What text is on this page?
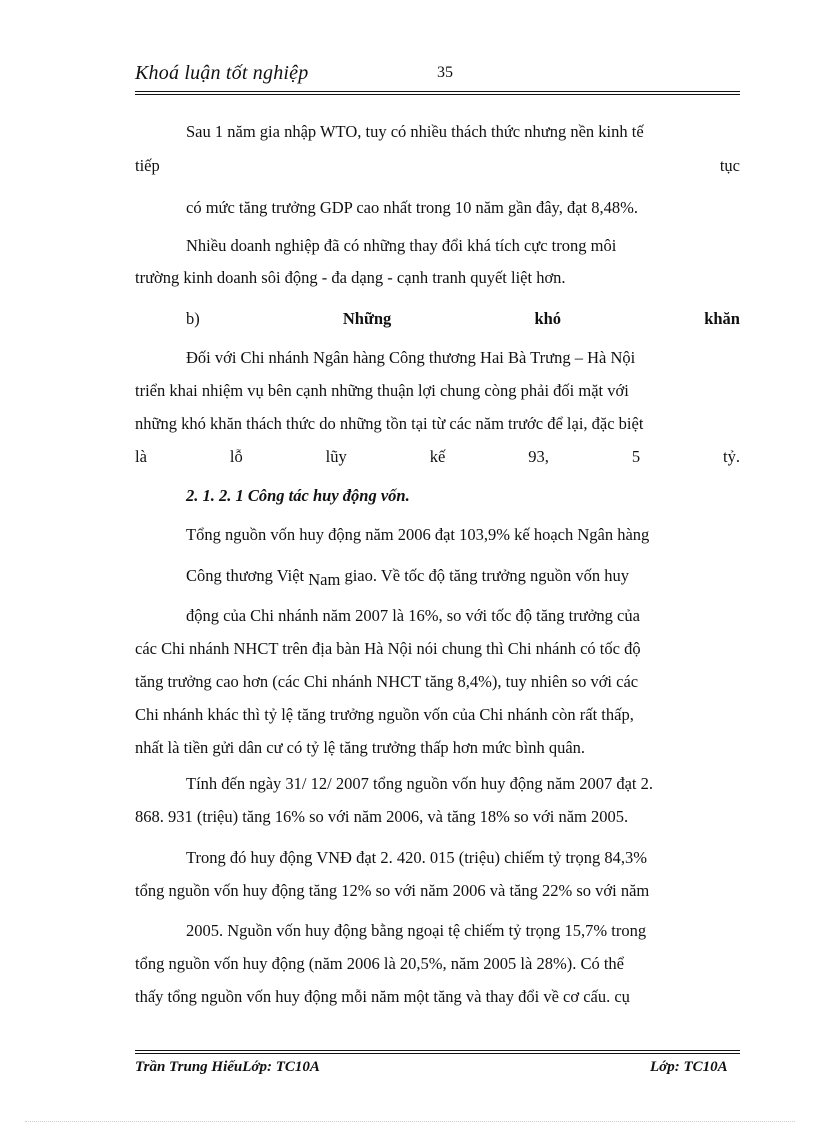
Khoá luận tốt nghiệp	35
Sau 1 năm gia nhập WTO, tuy có nhiều thách thức nhưng nền kinh tế
tiếp	tục
có mức tăng trưởng GDP cao nhất trong 10 năm gần đây, đạt 8,48%.
Nhiều doanh nghiệp đã có những thay đổi khá tích cực trong môi
trường kinh doanh sôi động - đa dạng - cạnh tranh quyết liệt hơn.
b)	Những	khó	khăn
Đối với Chi nhánh Ngân hàng Công thương Hai Bà Trưng – Hà Nội
triển khai nhiệm vụ bên cạnh những thuận lợi chung còng phải đối mặt với
những khó khăn thách thức do những tồn tại từ các năm trước để lại, đặc biệt
là	lỗ	lũy	kế	93,	5	tỷ.
2. 1. 2. 1 Công tác huy động vốn.
Tổng nguồn vốn huy động năm 2006 đạt 103,9% kế hoạch Ngân hàng
Công thương Việt Nam giao. Về tốc độ tăng trưởng nguồn vốn huy
động của Chi nhánh năm 2007 là 16%, so với tốc độ tăng trưởng của
các Chi nhánh NHCT trên địa bàn Hà Nội nói chung thì Chi nhánh có tốc độ
tăng trưởng cao hơn (các Chi nhánh NHCT tăng 8,4%), tuy nhiên so với các
Chi nhánh khác thì tỷ lệ tăng trưởng nguồn vốn của Chi nhánh còn rất thấp,
nhất là tiền gửi dân cư có tỷ lệ tăng trưởng thấp hơn mức bình quân.
Tính đến ngày 31/ 12/ 2007 tổng nguồn vốn huy động năm 2007 đạt 2.
868. 931 (triệu) tăng 16% so với năm 2006, và tăng 18% so với năm 2005.
Trong đó huy động VNĐ đạt 2. 420. 015 (triệu) chiếm tỷ trọng 84,3%
tổng nguồn vốn huy động tăng 12% so với năm 2006 và tăng 22% so với năm
2005. Nguồn vốn huy động bằng ngoại tệ chiếm tỷ trọng 15,7% trong
tổng nguồn vốn huy động (năm 2006 là 20,5%, năm 2005 là 28%). Có thể
thấy tổng nguồn vốn huy động mỗi năm một tăng và thay đổi về cơ cấu. cụ
Trần Trung HiếuLớp: TC10A	Lớp: TC10A
